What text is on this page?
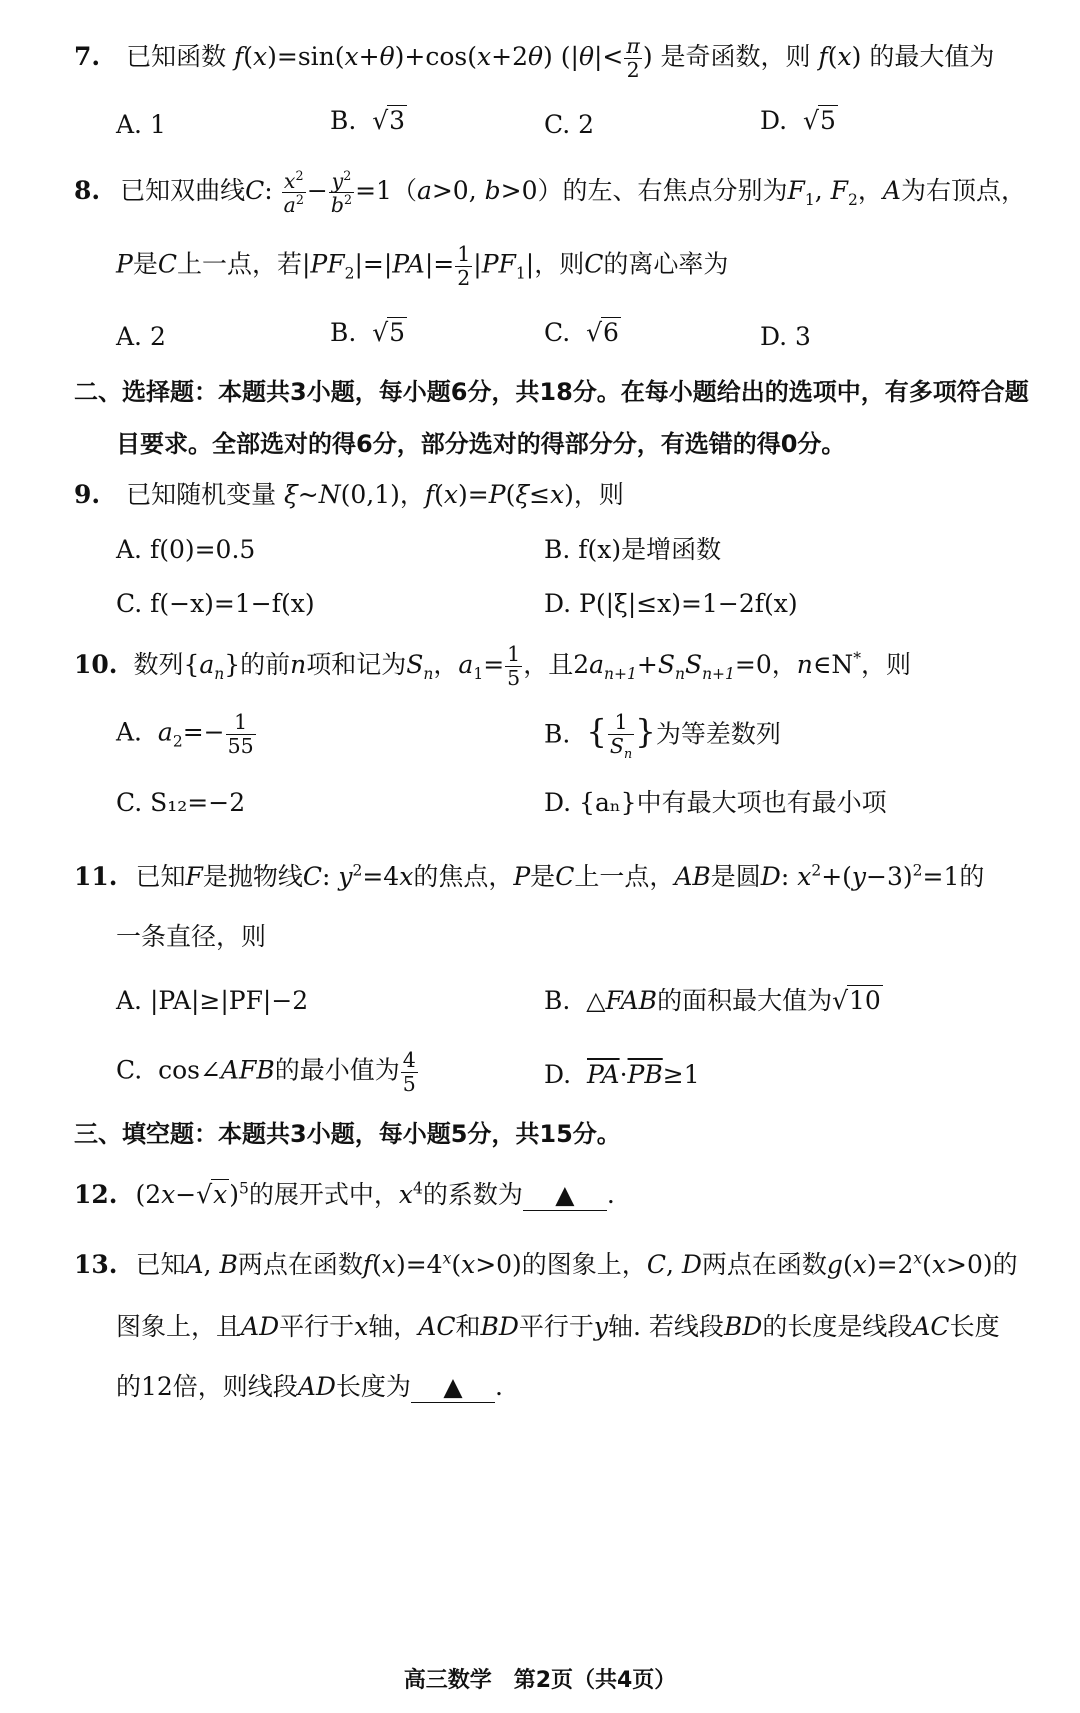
7. 已知函数 f(x)=sin(x+θ)+cos(x+2θ) ($|\theta|< \frac{\pi}{2}$ ) 是奇函数，则 f(x) 的最大值为
A. 1	B.  √3	C. 2	D.  √5
8. 已知双曲线C: $\frac{x^2}{a^2} - \frac{y^2}{b^2} =1(a>0$, b>0）的左、右焦点分别为$F_1$, $F_2$，A为右顶点，
P是C上一点，若$|PF_2|=|PA|= \frac{1}{2} |PF_1|$，则C的离心率为
A. 2	B.  √5	C.  √6	D. 3
二、选择题：本题共3小题，每小题6分，共18分。在每小题给出的选项中，有多项符合题
目要求。全部选对的得6分，部分选对的得部分分，有选错的得0分。
9. 已知随机变量 ξ~N(0,1)，f(x)=P(ξ≤x)，则
A. f(0)=0.5	B. f(x)是增函数
C. f(−x)=1−f(x)	D. P(|ξ|≤x)=1−2f(x)
10. 数列$\{a_n\}$的前n项和记为$S_n$，$a_1= \frac{1}{5}$ ，且$2a_{n+1}+S_nS_{n+1}=0$，n∈N*，则
A.  $a_2=- \frac{1}{55}$	B.  { $\frac{1}{S_n}$ }为等差数列
C. S₁₂=−2	D. {aₙ}中有最大项也有最小项
11. 已知F是抛物线C: $y^2=4x$的焦点，P是C上一点，AB是圆D: $x^2+(y-3)^2=1$的
一条直径，则
A. |PA|≥|PF|−2	B.  △FAB的面积最大值为√10
C.  cos∠AFB的最小值为 $\frac{4}{5}$	D.  $\overline{PA}\cdot\overline{PB}\ge 1$
三、填空题：本题共3小题，每小题5分，共15分。
12. $(2x-√x)^5$的展开式中，$x^4$的系数为 ▲ .
13. 已知A, B两点在函数$f(x)=4^x(x>0)$的图象上，C, D两点在函数$g(x)=2^x(x>0)$的
图象上，且AD平行于x轴，AC和BD平行于y轴. 若线段BD的长度是线段AC长度
的12倍，则线段AD长度为 ▲ .
高三数学　第2页（共4页）
